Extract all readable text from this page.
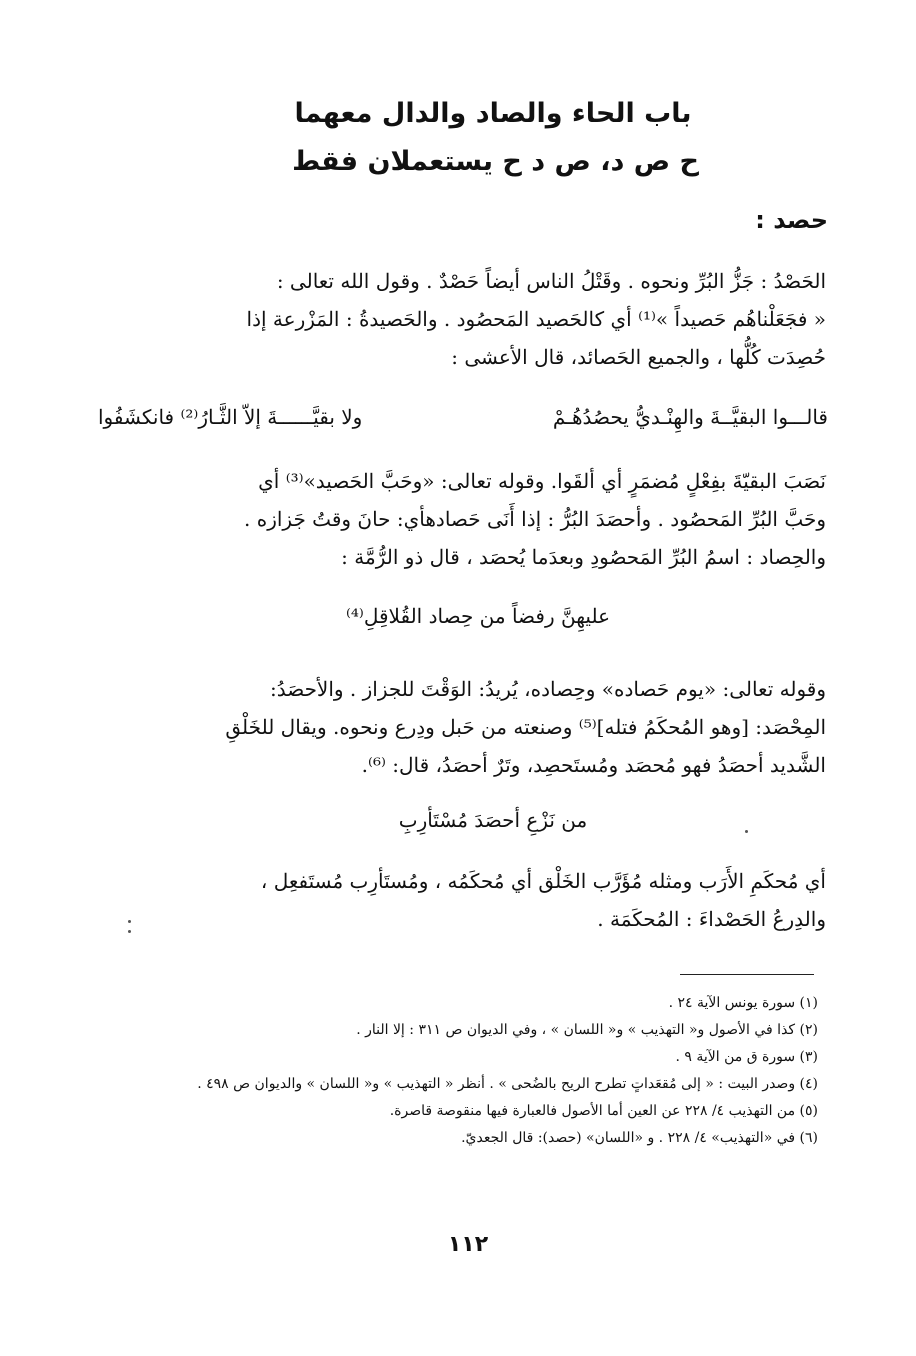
باب الحاء والصاد والدال معهما
ح ص د، ص د ح يستعملان فقط
حصد :

الحَصْدُ : جَزُّ البُرِّ ونحوه . وقَتْلُ الناس أيضاً حَصْدٌ . وقول الله تعالى :

« فجَعَلْناهُم حَصيداً »⁽¹⁾ أي كالحَصيد المَحصُود . والحَصيدةُ : المَزْرعة إذا

حُصِدَت كُلُّها ، والجميع الحَصائد، قال الأعشى :

قالـــوا البقيَّــةَ والهِنْـديُّ يحصُدُهُـمْ
ولا بقيَّــــــةَ إلاّ الثَّـارُ⁽²⁾ فانكشَفُوا

نَصَبَ البقيّةَ بفِعْلٍ مُضمَرٍ أي ألقَوا. وقوله تعالى: «وحَبَّ الحَصيد»⁽³⁾ أي

وحَبَّ البُرِّ المَحصُود . وأحصَدَ البُرُّ : إذا أَنَى حَصادهأي: حانَ وقتُ جَزازه .

والحِصاد : اسمُ البُرِّ المَحصُودِ وبعدَما يُحصَد ، قال ذو الرُّمَّة :

عليهِنَّ رفضاً من حِصاد القُلاقِلِ⁽⁴⁾

وقوله تعالى: «يوم حَصاده» وحِصاده، يُريدُ: الوَقْتَ للجزاز . والأحصَدُ:

المِحْصَد: [وهو المُحكَمُ فتله]⁽⁵⁾ وصنعته من حَبل ودِرع ونحوه. ويقال للخَلْقِ

الشَّديد أحصَدُ فهو مُحصَد ومُستَحصِد، وتَرٌ أحصَدُ، قال: ⁽⁶⁾.

من نَزْعِ أحصَدَ مُسْتَأرِبِ

أي مُحكَمِ الأَرَب ومثله مُؤَرَّب الخَلْق أي مُحكَمُه ، ومُستَأرِب مُستَفعِل ،

والدِرعُ الحَصْداءَ : المُحكَمَة .

(١) سورة يونس الآية ٢٤ .

(٢) كذا في الأصول و« التهذيب » و« اللسان » ، وفي الديوان ص ٣١١ : إلا النار .

(٣) سورة ق من الآية ٩ .

(٤) وصدر البيت : « إلى مُقعَداتٍ تطرح الريح بالضُحى » . أنظر « التهذيب » و« اللسان » والديوان ص ٤٩٨ .

(٥) من التهذيب ٤/ ٢٢٨ عن العين أما الأصول فالعبارة فيها منقوصة قاصرة.

(٦) في «التهذيب» ٤/ ٢٢٨ . و «اللسان» (حصد): قال الجعديّ.

١١٢
